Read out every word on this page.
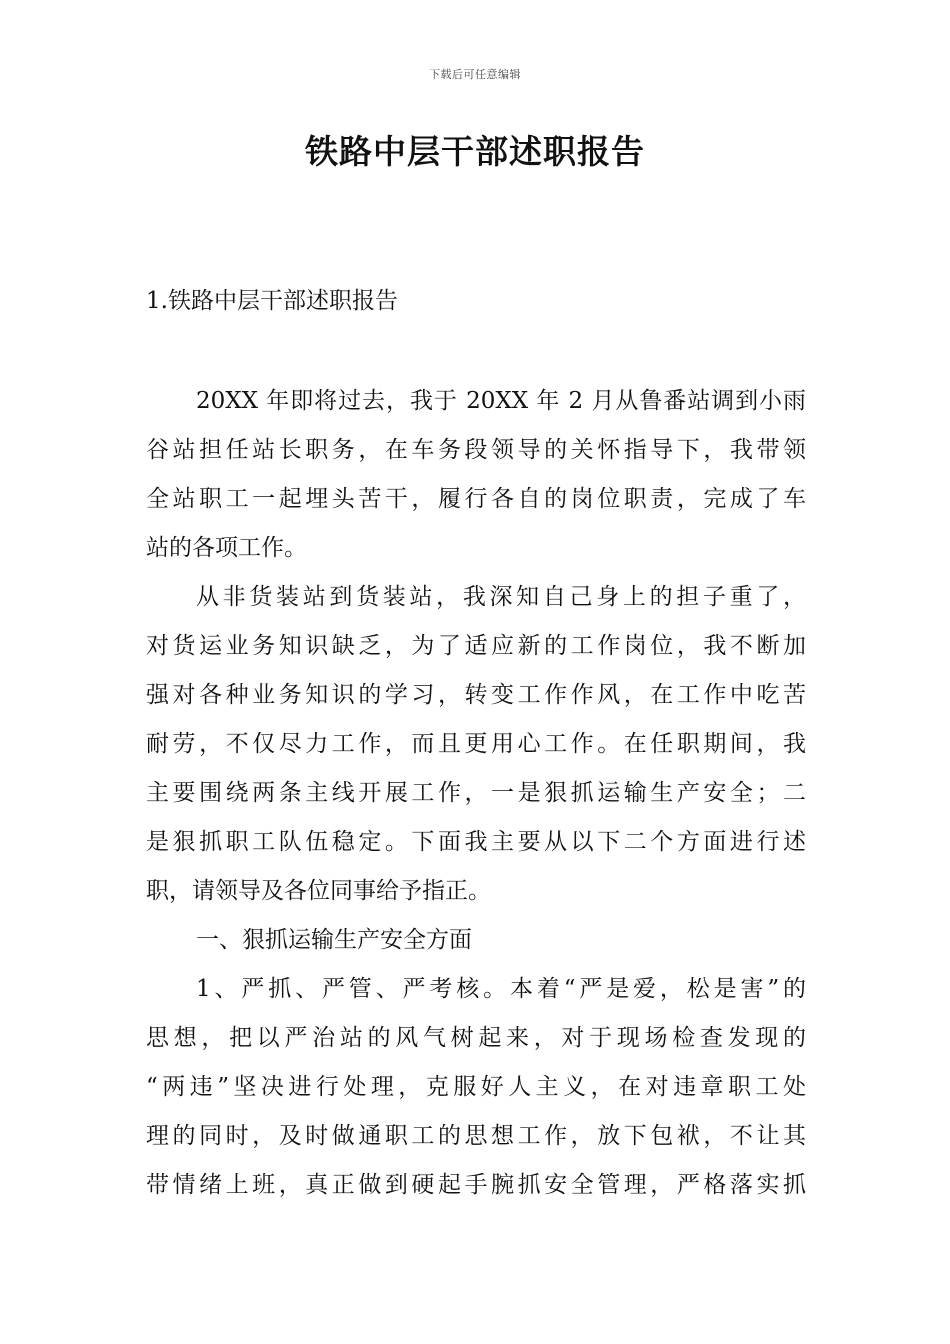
下载后可任意编辑
铁路中层干部述职报告
1.铁路中层干部述职报告
20XX 年即将过去，我于 20XX 年 2 月从鲁番站调到小雨
谷站担任站长职务，在车务段领导的关怀指导下，我带领
全站职工一起埋头苦干，履行各自的岗位职责，完成了车
站的各项工作。
从非货装站到货装站，我深知自己身上的担子重了，
对货运业务知识缺乏，为了适应新的工作岗位，我不断加
强对各种业务知识的学习，转变工作作风，在工作中吃苦
耐劳，不仅尽力工作，而且更用心工作。在任职期间，我
主要围绕两条主线开展工作，一是狠抓运输生产安全；二
是狠抓职工队伍稳定。下面我主要从以下二个方面进行述
职，请领导及各位同事给予指正。
一、狠抓运输生产安全方面
1、严抓、严管、严考核。本着“严是爱，松是害”的
思想，把以严治站的风气树起来，对于现场检查发现的
“两违”坚决进行处理，克服好人主义，在对违章职工处
理的同时，及时做通职工的思想工作，放下包袱，不让其
带情绪上班，真正做到硬起手腕抓安全管理，严格落实抓
